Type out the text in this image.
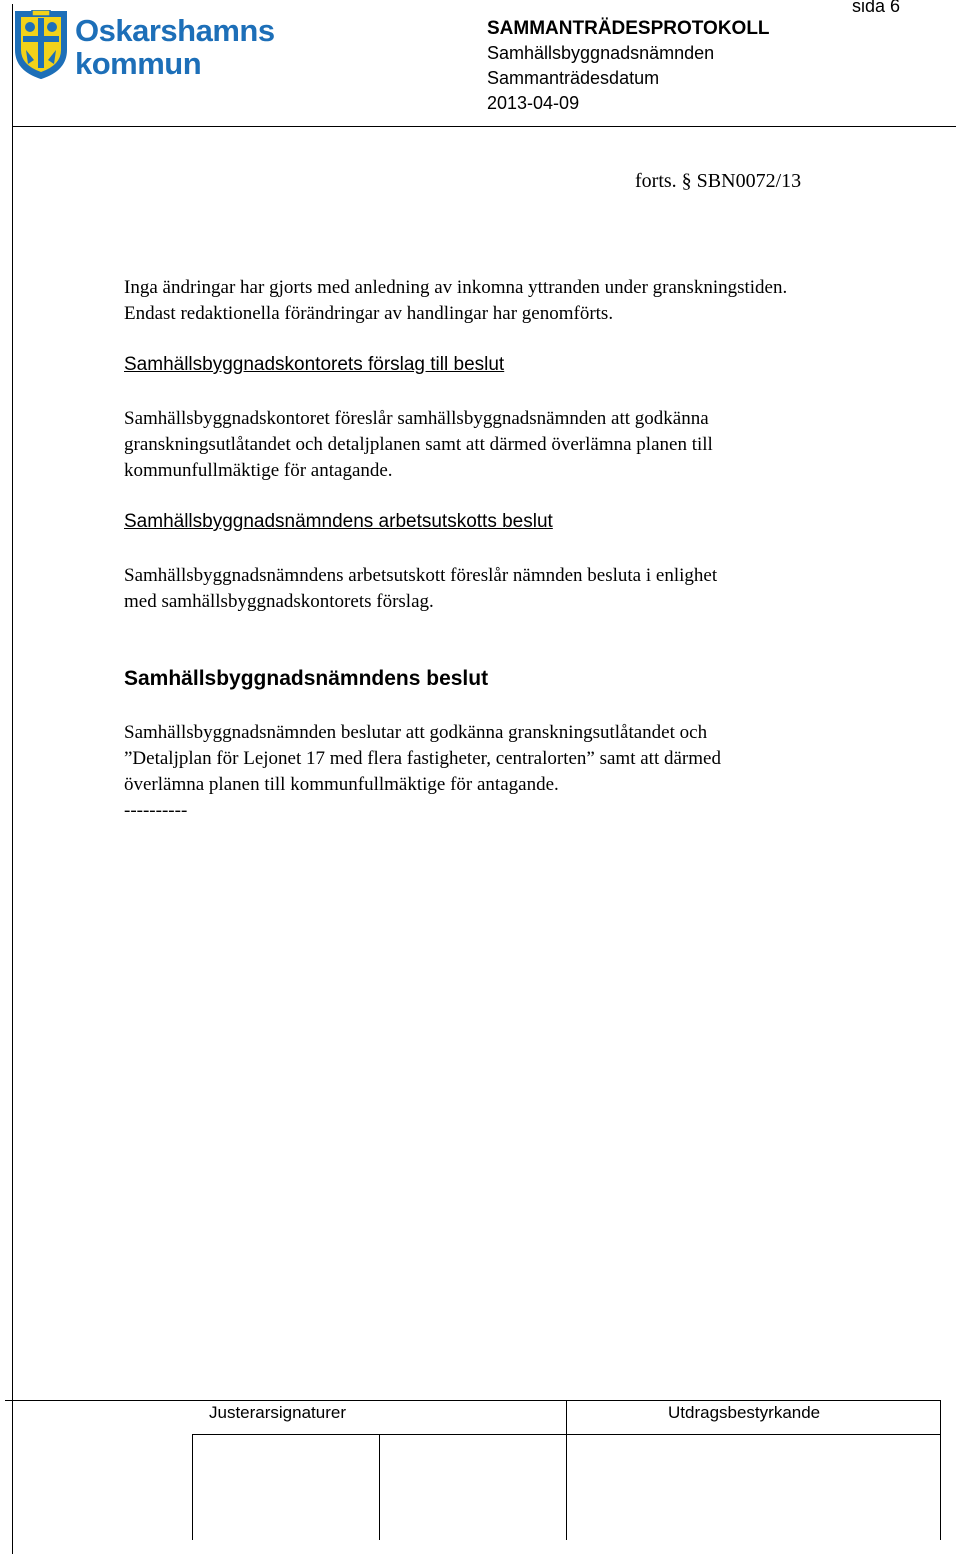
Oskarshamns
kommun
sida 6
SAMMANTRÄDESPROTOKOLL
Samhällsbyggnadsnämnden
Sammanträdesdatum
2013-04-09
forts. § SBN0072/13
Inga ändringar har gjorts med anledning av inkomna yttranden under granskningstiden.
Endast redaktionella förändringar av handlingar har genomförts.
Samhällsbyggnadskontorets förslag till beslut
Samhällsbyggnadskontoret föreslår samhällsbyggnadsnämnden att godkänna
granskningsutlåtandet och detaljplanen samt att därmed överlämna planen till
kommunfullmäktige för antagande.
Samhällsbyggnadsnämndens arbetsutskotts beslut
Samhällsbyggnadsnämndens arbetsutskott föreslår nämnden besluta i enlighet
med samhällsbyggnadskontorets förslag.
Samhällsbyggnadsnämndens beslut
Samhällsbyggnadsnämnden beslutar att godkänna granskningsutlåtandet och
”Detaljplan för Lejonet 17 med flera fastigheter, centralorten” samt att därmed
överlämna planen till kommunfullmäktige för antagande.
----------
Justerarsignaturer	Utdragsbestyrkande
